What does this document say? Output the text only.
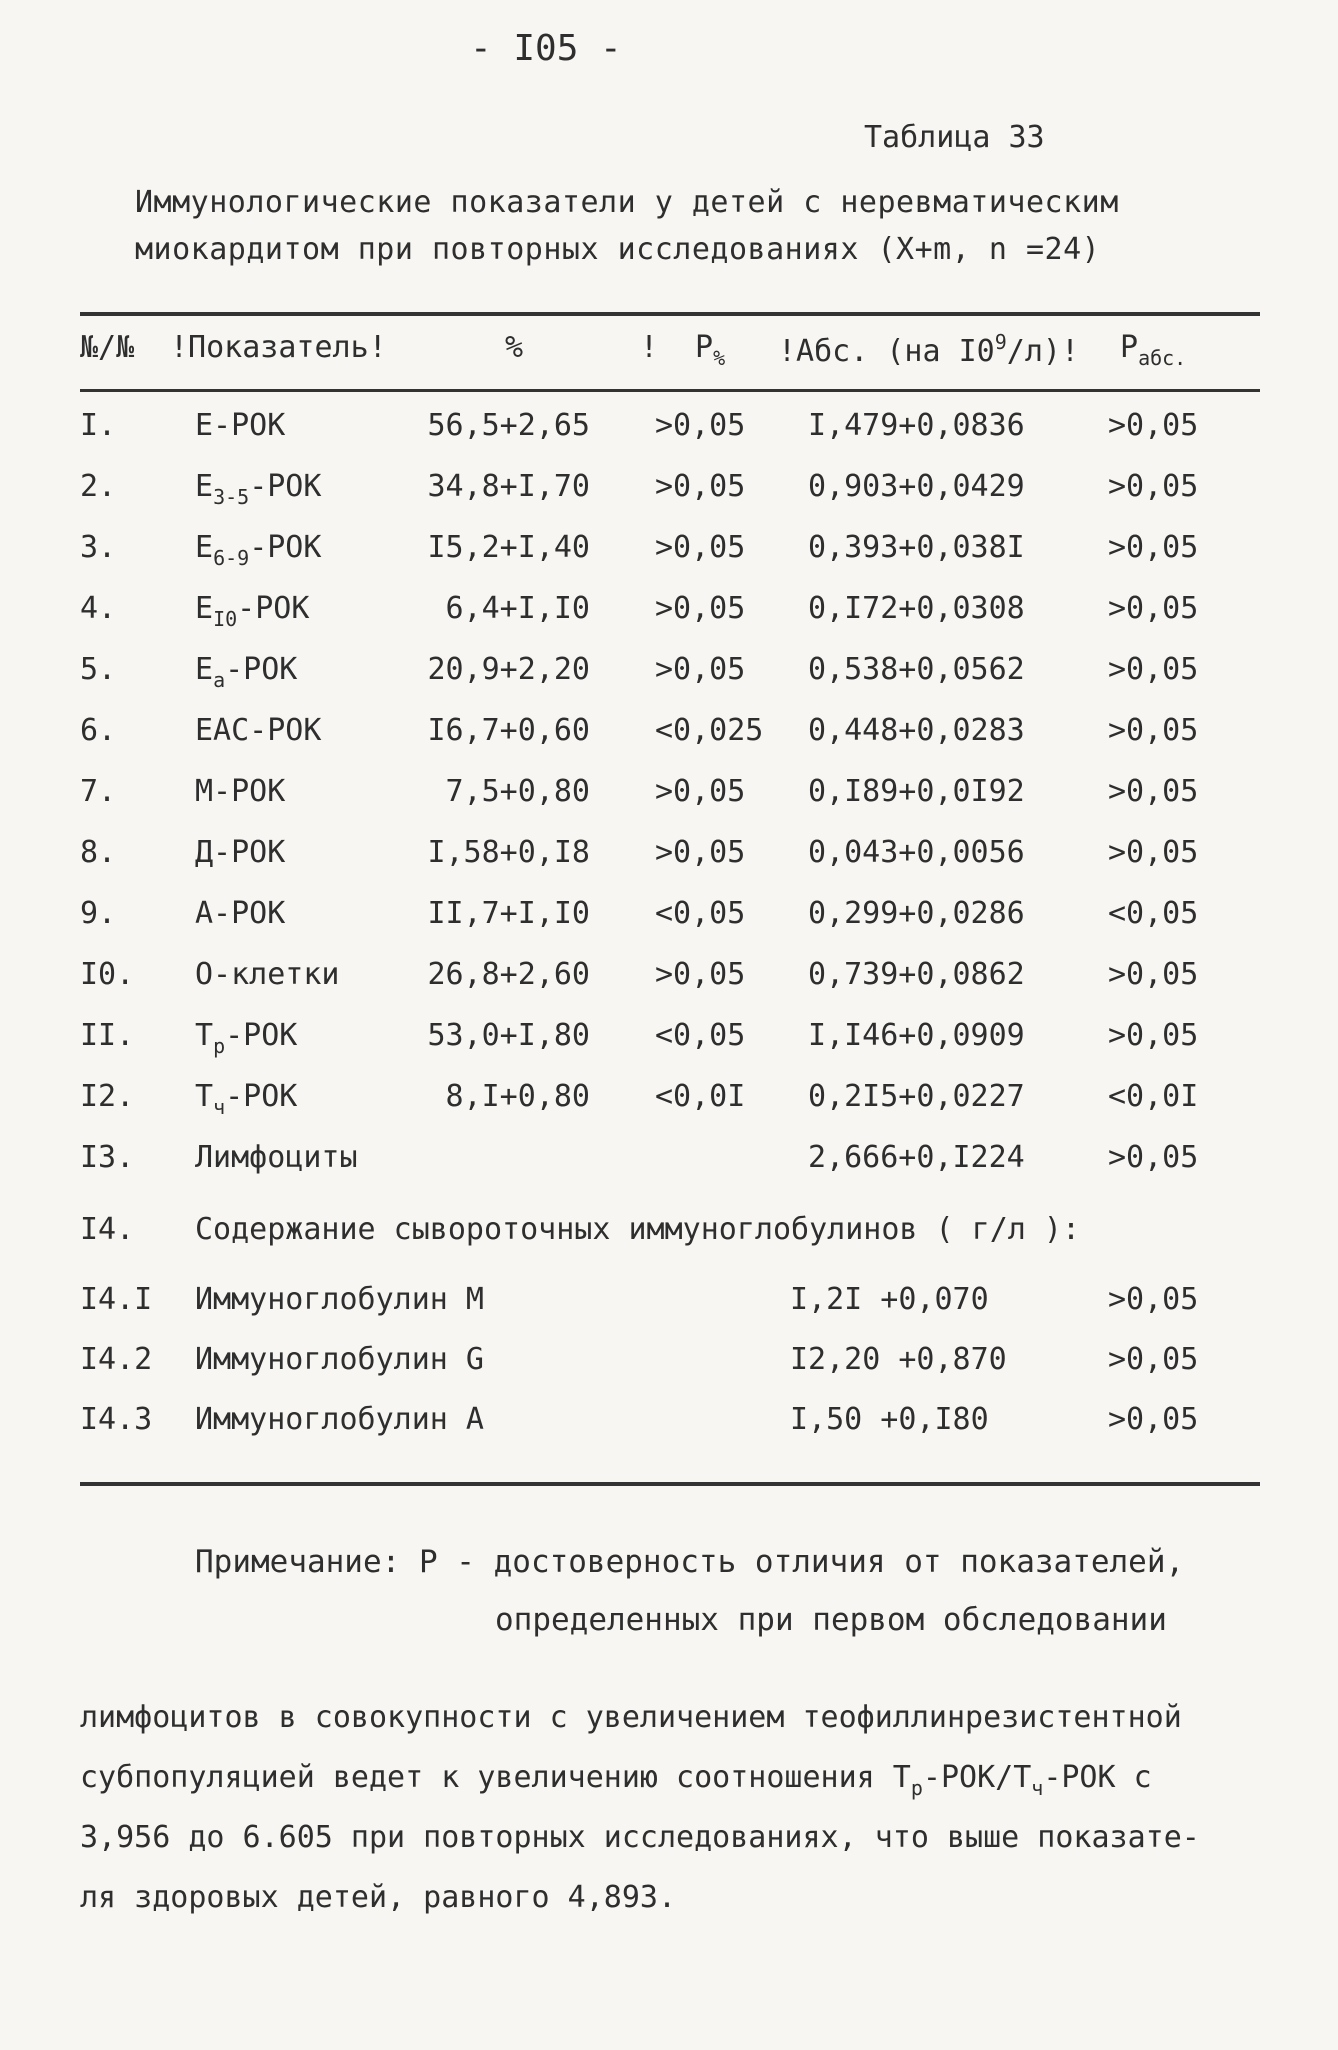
- I05 -
Таблица 33
Иммунологические показатели у детей с неревматическим
миокардитом при повторных исследованиях (X+m, n =24)
№/№ !Показатель!	%	! $P_{\%}$ !Абс. (на $I0^9/л$)! $P_{абс.}$
I.	Е-РОК	56,5+2,65 >0,05 I,479+0,0836	>0,05
2.	$Е_{3-5}$-РОК	34,8+I,70 >0,05 0,903+0,0429	>0,05
3.	$Е_{6-9}$-РОК	I5,2+I,40 >0,05 0,393+0,038I	>0,05
4.	$Е_{I0}$-РОК	6,4+I,I0 >0,05 0,I72+0,0308	>0,05
5.	$Е_а$-РОК	20,9+2,20 >0,05 0,538+0,0562	>0,05
6.	ЕАС-РОК	I6,7+0,60 <0,025 0,448+0,0283	>0,05
7.	М-РОК	7,5+0,80 >0,05 0,I89+0,0I92	>0,05
8.	Д-РОК	I,58+0,I8 >0,05 0,043+0,0056	>0,05
9.	А-РОК	II,7+I,I0 <0,05 0,299+0,0286	<0,05
I0. О-клетки	26,8+2,60 >0,05 0,739+0,0862	>0,05
II. $Т_р$-РОК	53,0+I,80 <0,05 I,I46+0,0909	>0,05
I2. $Т_ч$-РОК	8,I+0,80 <0,0I 0,2I5+0,0227	<0,0I
I3. Лимфоциты	2,666+0,I224	>0,05
I4. Содержание сывороточных иммуноглобулинов ( г/л ):
I4.I Иммуноглобулин М	I,2I +0,070	>0,05
I4.2 Иммуноглобулин G	I2,20 +0,870	>0,05
I4.3 Иммуноглобулин А	I,50 +0,I80	>0,05
Примечание: Р - достоверность отличия от показателей,
определенных при первом обследовании
лимфоцитов в совокупности с увеличением теофиллинрезистентной
субпопуляцией ведет к увеличению соотношения $Т_р-РОК/Т_ч$-РОК с
3,956 до 6.605 при повторных исследованиях, что выше показате-
ля здоровых детей, равного 4,893.
